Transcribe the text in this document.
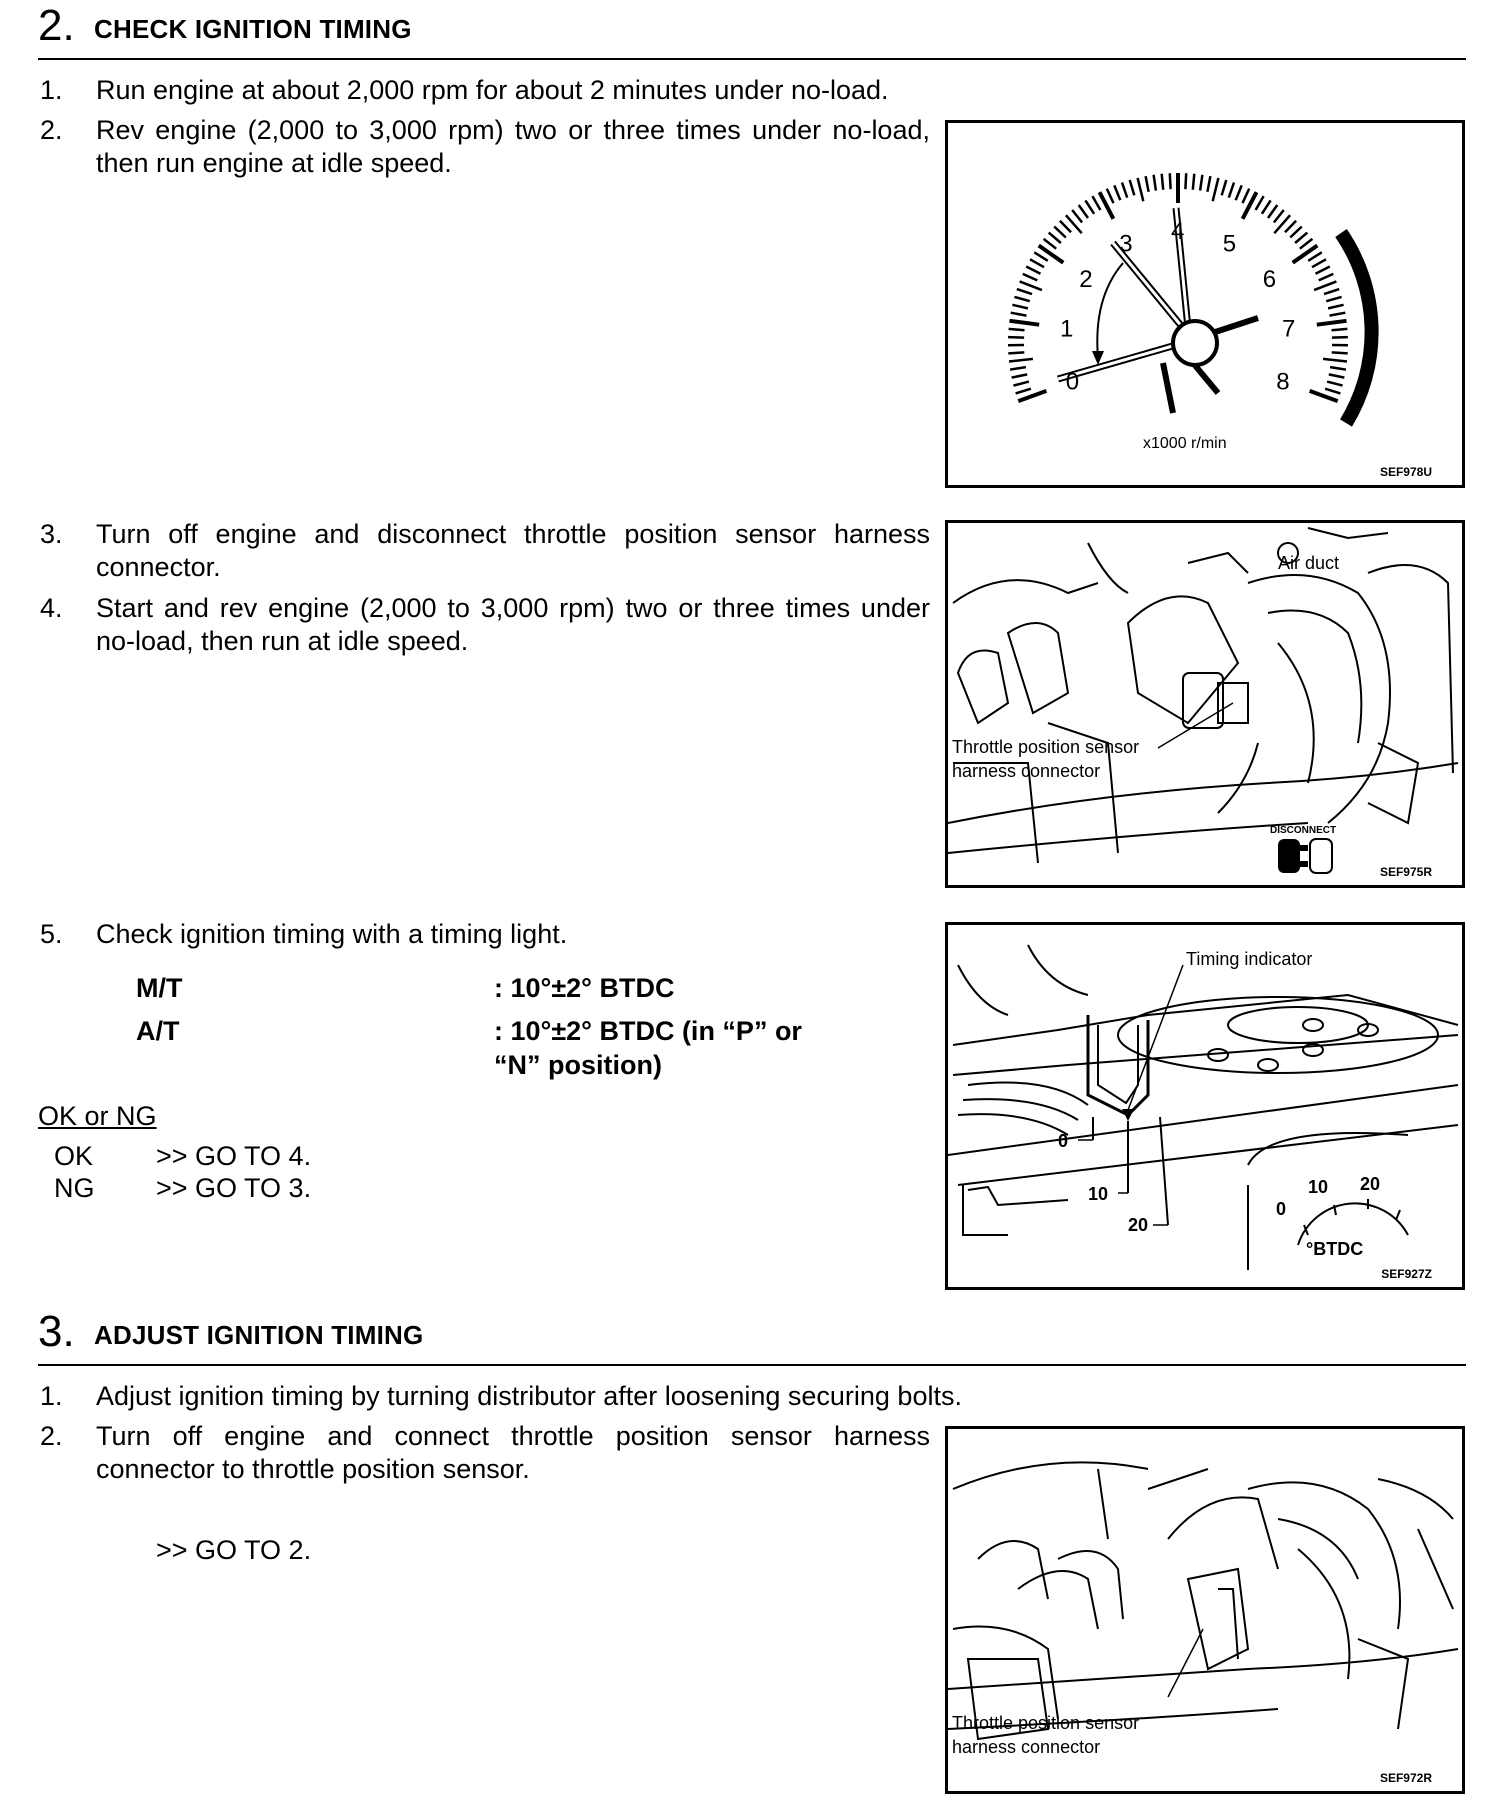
2. CHECK IGNITION TIMING
1. Run engine at about 2,000 rpm for about 2 minutes under no-load.
2. Rev engine (2,000 to 3,000 rpm) two or three times under no-load, then run engine at idle speed.
0
1
2
3 4 5
6
7
8
x1000 r/min
SEF978U
3. Turn off engine and disconnect throttle position sensor harness connector.
4. Start and rev engine (2,000 to 3,000 rpm) two or three times under no-load, then run at idle speed.
Air duct
Throttle position sensor
harness connector
DISCONNECT
SEF975R
5. Check ignition timing with a timing light.
M/T	: 10°±2° BTDC
A/T	: 10°±2° BTDC (in “P” or
“N” position)
OK or NG
OK >> GO TO 4.
NG >> GO TO 3.
Timing indicator
0
10
20
0
10 20
°BTDC
SEF927Z
3. ADJUST IGNITION TIMING
1. Adjust ignition timing by turning distributor after loosening securing bolts.
2. Turn off engine and connect throttle position sensor harness connector to throttle position sensor.
>> GO TO 2.
Throttle position sensor
harness connector
SEF972R
